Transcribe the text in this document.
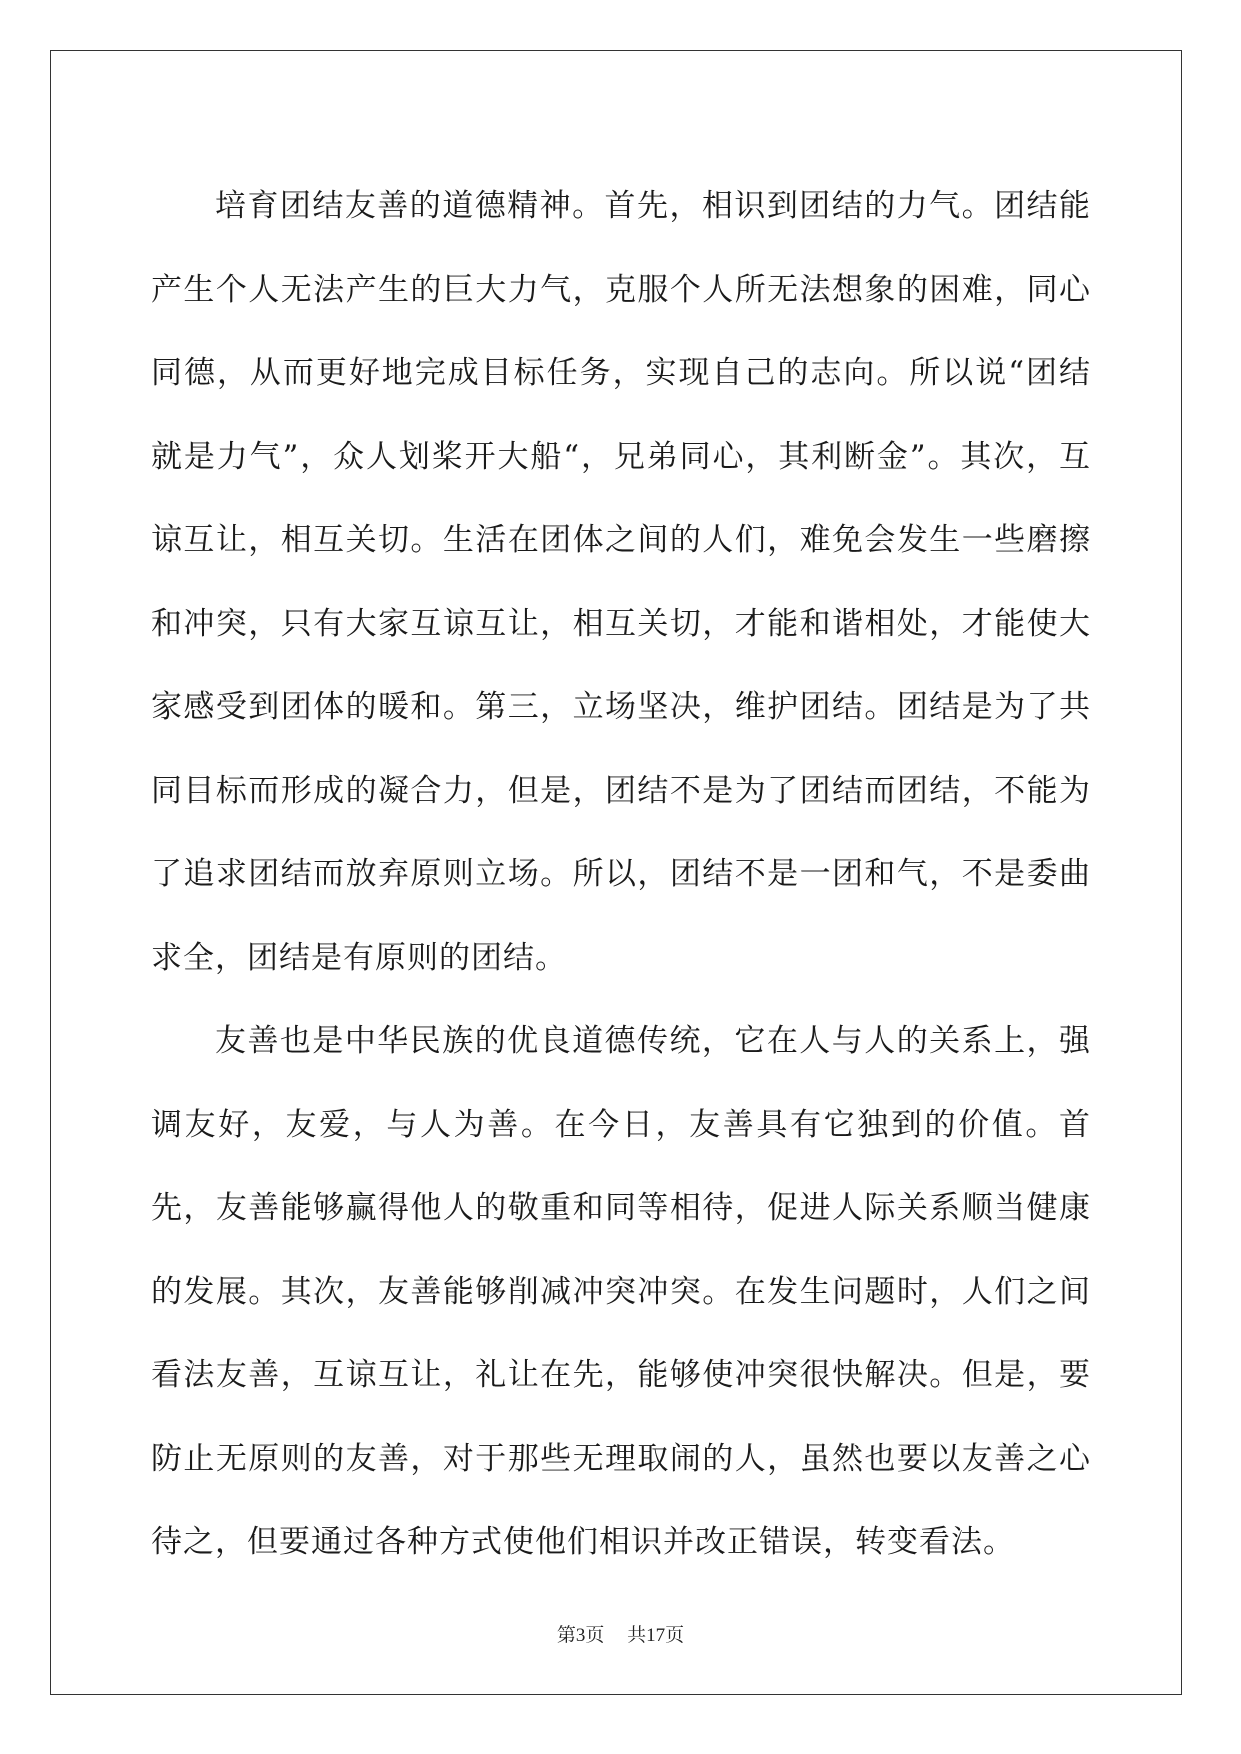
培育团结友善的道德精神。首先，相识到团结的力气。团结能产生个人无法产生的巨大力气，克服个人所无法想象的困难，同心同德，从而更好地完成目标任务，实现自己的志向。所以说“团结就是力气”，众人划桨开大船“，兄弟同心，其利断金”。其次，互谅互让，相互关切。生活在团体之间的人们，难免会发生一些磨擦和冲突，只有大家互谅互让，相互关切，才能和谐相处，才能使大家感受到团体的暖和。第三，立场坚决，维护团结。团结是为了共同目标而形成的凝合力，但是，团结不是为了团结而团结，不能为了追求团结而放弃原则立场。所以，团结不是一团和气，不是委曲求全，团结是有原则的团结。

友善也是中华民族的优良道德传统，它在人与人的关系上，强调友好，友爱，与人为善。在今日，友善具有它独到的价值。首先，友善能够赢得他人的敬重和同等相待，促进人际关系顺当健康的发展。其次，友善能够削减冲突冲突。在发生问题时，人们之间看法友善，互谅互让，礼让在先，能够使冲突很快解决。但是，要防止无原则的友善，对于那些无理取闹的人，虽然也要以友善之心待之，但要通过各种方式使他们相识并改正错误，转变看法。

第3页 共17页
